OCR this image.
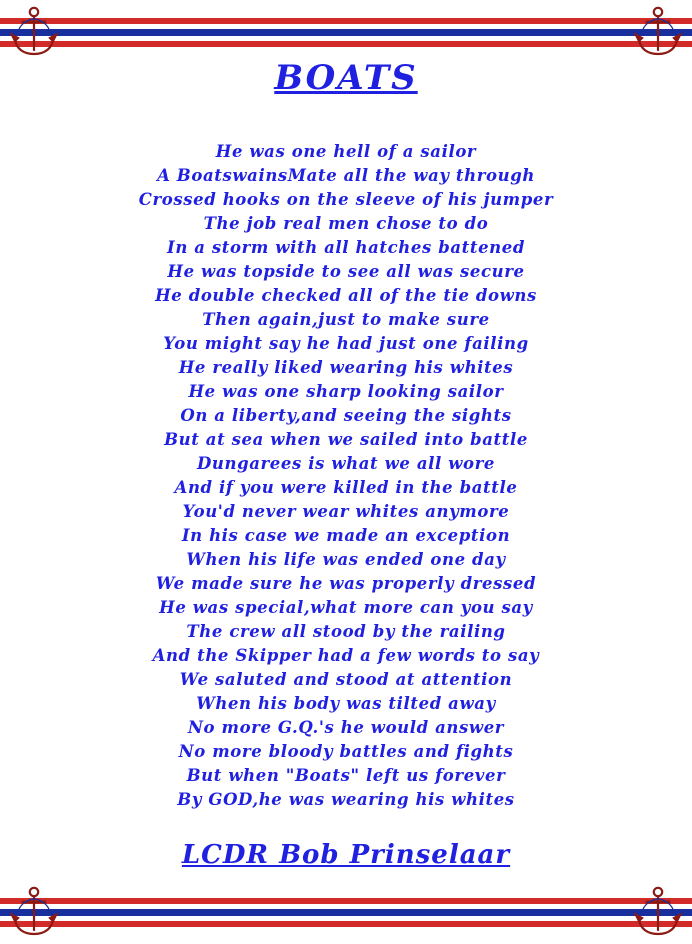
BOATS
He was one hell of a sailor
A BoatswainsMate all the way through
Crossed hooks on the sleeve of his jumper
The job real men chose to do
In a storm with all hatches battened
He was topside to see all was secure
He double checked all of the tie downs
Then again,just to make sure
You might say he had just one failing
He really liked wearing his whites
He was one sharp looking sailor
On a liberty,and seeing the sights
But at sea when we sailed into battle
Dungarees is what we all wore
And if you were killed in the battle
You'd never wear whites anymore
In his case we made an exception
When his life was ended one day
We made sure he was properly dressed
He was special,what more can you say
The crew all stood by the railing
And the Skipper had a few words to say
We saluted and stood at attention
When his body was tilted away
No more G.Q.'s he would answer
No more bloody battles and fights
But when "Boats" left us forever
By GOD,he was wearing his whites
LCDR Bob Prinselaar
